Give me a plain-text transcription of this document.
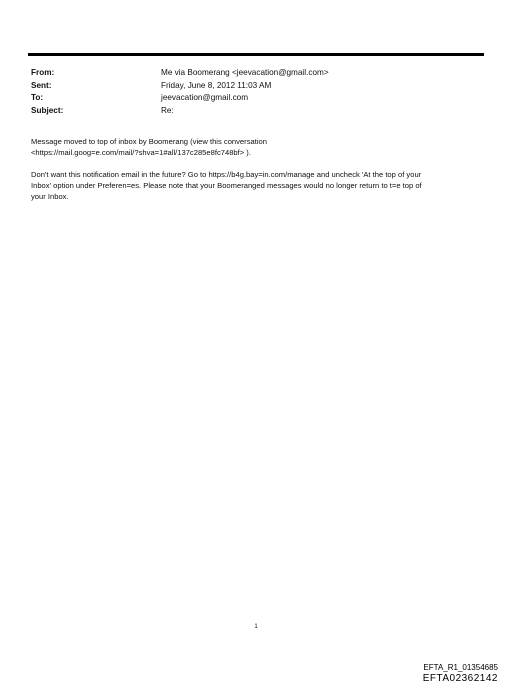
From:	Me via Boomerang <jeevacation@gmail.com>
Sent:	Friday, June 8, 2012 11:03 AM
To:	jeevacation@gmail.com
Subject:	Re:
Message moved to top of inbox by Boomerang (view this conversation
<https://mail.goog=e.com/mail/?shva=1#all/137c285e8fc748bf> ).
Don't want this notification email in the future? Go to https://b4g.bay=in.com/manage and uncheck 'At the top of your
Inbox' option under Preferen=es. Please note that your Boomeranged messages would no longer return to t=e top of
your Inbox.
1
EFTA_R1_01354685
EFTA02362142
